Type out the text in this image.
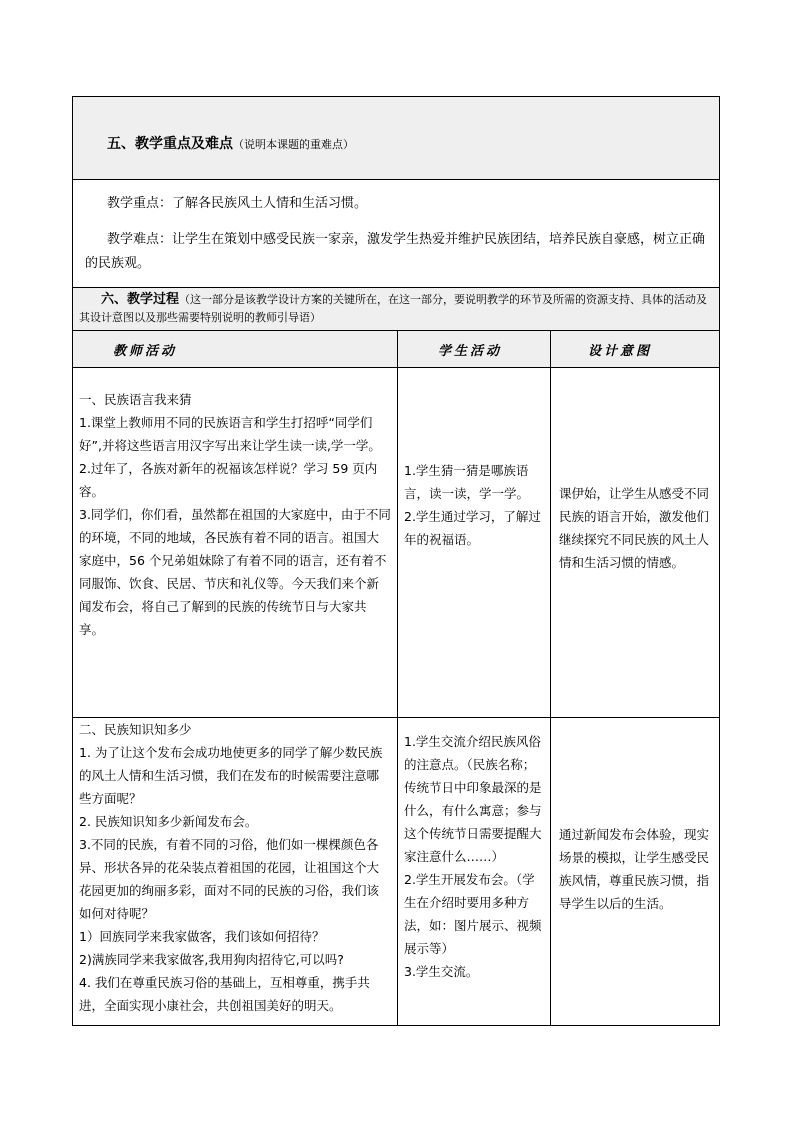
五、教学重点及难点（说明本课题的重难点）

教学重点：了解各民族风土人情和生活习惯。

教学难点：让学生在策划中感受民族一家亲，激发学生热爱并维护民族团结，培养民族自豪感，树立正确的民族观。

六、教学过程（这一部分是该教学设计方案的关键所在，在这一部分，要说明教学的环节及所需的资源支持、具体的活动及其设计意图以及那些需要特别说明的教师引导语）
教师活动	学生活动	设计意图

一、民族语言我来猜

1.课堂上教师用不同的民族语言和学生打招呼“同学们好”,并将这些语言用汉字写出来让学生读一读,学一学。

2.过年了，各族对新年的祝福该怎样说？学习 59 页内容。

3.同学们，你们看，虽然都在祖国的大家庭中，由于不同的环境，不同的地域，各民族有着不同的语言。祖国大家庭中，56 个兄弟姐妹除了有着不同的语言，还有着不同服饰、饮食、民居、节庆和礼仪等。今天我们来个新闻发布会，将自己了解到的民族的传统节日与大家共享。

1.学生猜一猜是哪族语言，读一读，学一学。

2.学生通过学习，了解过年的祝福语。

课伊始，让学生从感受不同民族的语言开始，激发他们继续探究不同民族的风土人情和生活习惯的情感。

二、民族知识知多少

1. 为了让这个发布会成功地使更多的同学了解少数民族的风土人情和生活习惯，我们在发布的时候需要注意哪些方面呢？

2. 民族知识知多少新闻发布会。

3.不同的民族，有着不同的习俗，他们如一棵棵颜色各异、形状各异的花朵装点着祖国的花园，让祖国这个大花园更加的绚丽多彩，面对不同的民族的习俗，我们该如何对待呢？

1）回族同学来我家做客，我们该如何招待？

2)满族同学来我家做客,我用狗肉招待它,可以吗?

4. 我们在尊重民族习俗的基础上，互相尊重，携手共进，全面实现小康社会，共创祖国美好的明天。

1.学生交流介绍民族风俗的注意点。（民族名称；传统节日中印象最深的是什么，有什么寓意；参与这个传统节日需要提醒大家注意什么……）

2.学生开展发布会。（学生在介绍时要用多种方法，如：图片展示、视频展示等）

3.学生交流。

通过新闻发布会体验，现实场景的模拟，让学生感受民族风情，尊重民族习惯，指导学生以后的生活。
